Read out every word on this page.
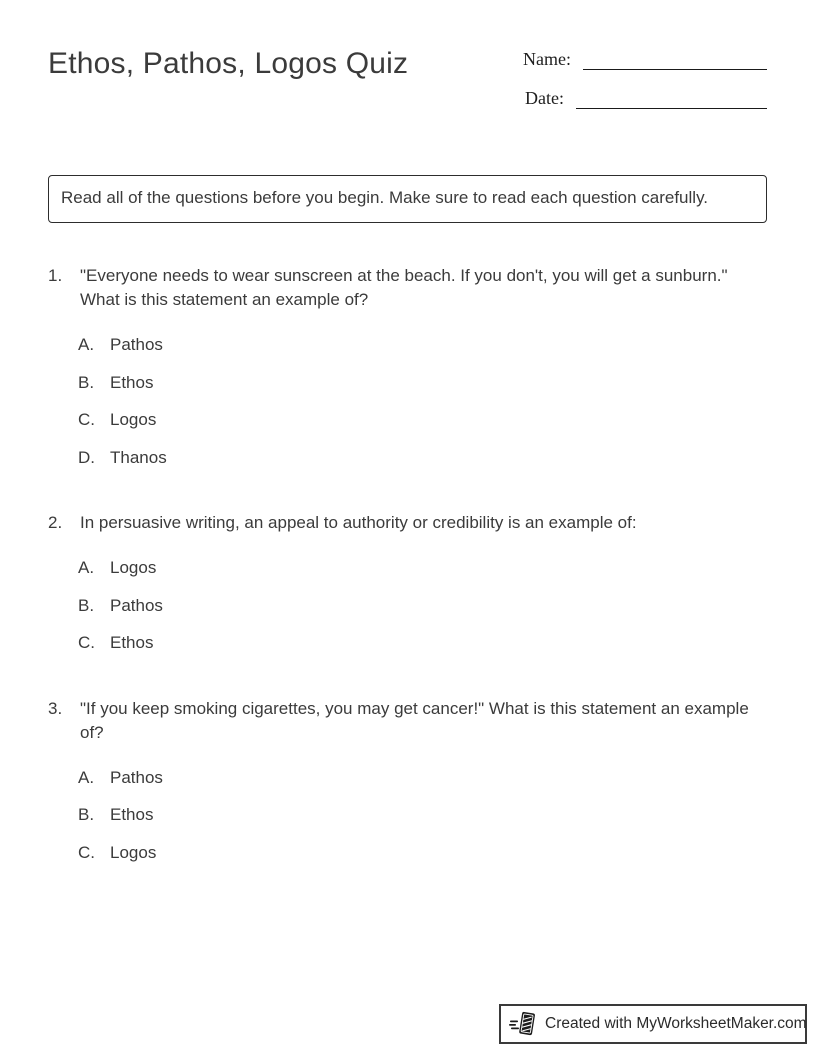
Ethos, Pathos, Logos Quiz	Name:
Date:
Read all of the questions before you begin. Make sure to read each question carefully.
1.	"Everyone needs to wear sunscreen at the beach. If you don't, you will get a sunburn." What is this statement an example of?
A. Pathos
B. Ethos
C. Logos
D. Thanos
2.	In persuasive writing, an appeal to authority or credibility is an example of:
A. Logos
B. Pathos
C. Ethos
3.	"If you keep smoking cigarettes, you may get cancer!" What is this statement an example of?
A. Pathos
B. Ethos
C. Logos
Created with MyWorksheetMaker.com
